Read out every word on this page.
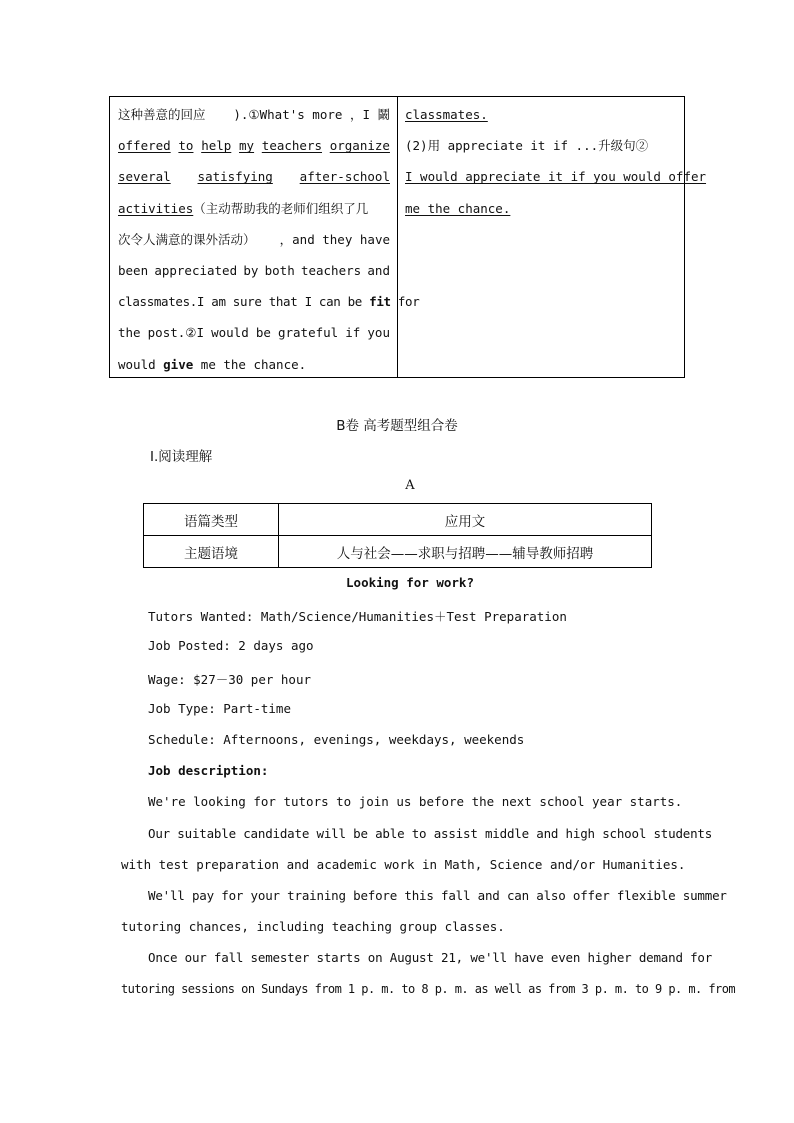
这种善意的回应 ).①What's more ，I 鬫
offered to help my teachers organize
several satisfying after-school
activities （主动帮助我的老师们组织了几
次令人满意的课外活动） ，and they have
been appreciated by both teachers and
classmates.I am sure that I can be fit for
the post.②I would be grateful if you
would give me the chance.
classmates.
(2)用 appreciate it if ...升级句②
I would appreciate it if you would offer
me the chance.
B卷 高考题型组合卷
Ⅰ.阅读理解
A
语篇类型	应用文
主题语境	人与社会——求职与招聘——辅导教师招聘
Looking for work?
Tutors Wanted: Math/Science/Humanities＋Test Preparation
Job Posted: 2 days ago
Wage: $27－30 per hour
Job Type: Part-time
Schedule: Afternoons, evenings, weekdays, weekends
Job description:
We're looking for tutors to join us before the next school year starts.
Our suitable candidate will be able to assist middle and high school students
with test preparation and academic work in Math, Science and/or Humanities.
We'll pay for your training before this fall and can also offer flexible summer
tutoring chances, including teaching group classes.
Once our fall semester starts on August 21, we'll have even higher demand for
tutoring sessions on Sundays from 1 p. m. to 8 p. m. as well as from 3 p. m. to 9 p. m. from
